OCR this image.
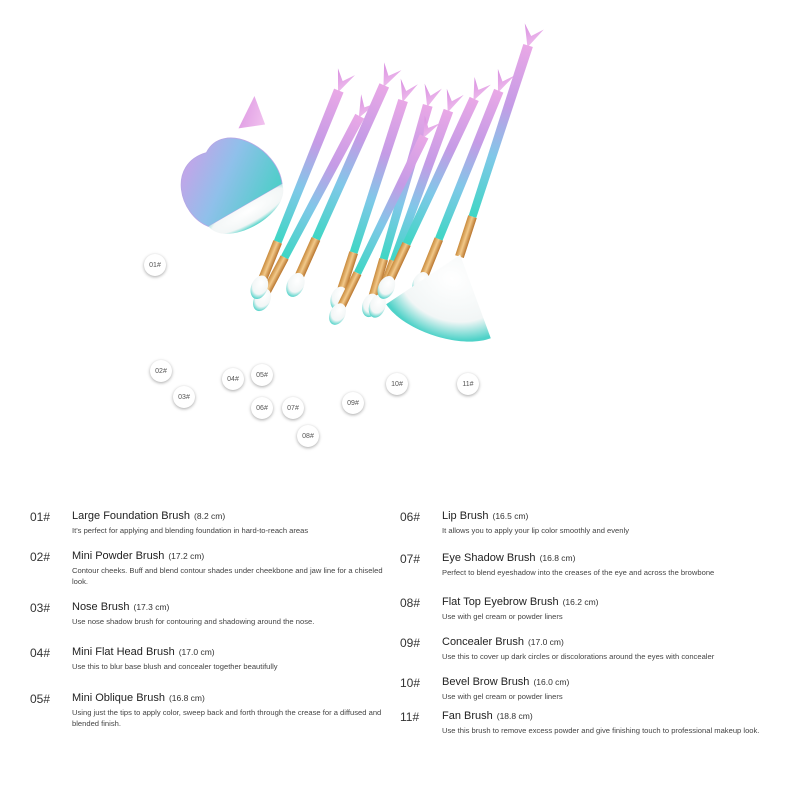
01#
02#
03#
04#
05#
06#	07#
08#
09#
10#	11#
01# Large Foundation Brush (8.2 cm)
It's perfect for applying and blending foundation in hard-to-reach areas
02# Mini Powder Brush (17.2 cm)
Contour cheeks. Buff and blend contour shades under cheekbone and jaw line for a chiseled look.
03# Nose Brush (17.3 cm)
Use nose shadow brush for contouring and shadowing around the nose.
04# Mini Flat Head Brush (17.0 cm)
Use this to blur base blush and concealer together beautifully
05# Mini Oblique Brush (16.8 cm)
Using just the tips to apply color, sweep back and forth through the crease for a diffused and blended finish.
06# Lip Brush (16.5 cm)
It allows you to apply your lip color smoothly and evenly
07# Eye Shadow Brush (16.8 cm)
Perfect to blend eyeshadow into the creases of the eye and across the browbone
08# Flat Top Eyebrow Brush (16.2 cm)
Use with gel cream or powder liners
09# Concealer Brush (17.0 cm)
Use this to cover up dark circles or discolorations around the eyes with concealer
10# Bevel Brow Brush (16.0 cm)
Use with gel cream or powder liners
11# Fan Brush (18.8 cm)
Use this brush to remove excess powder and give finishing touch to professional makeup look.
